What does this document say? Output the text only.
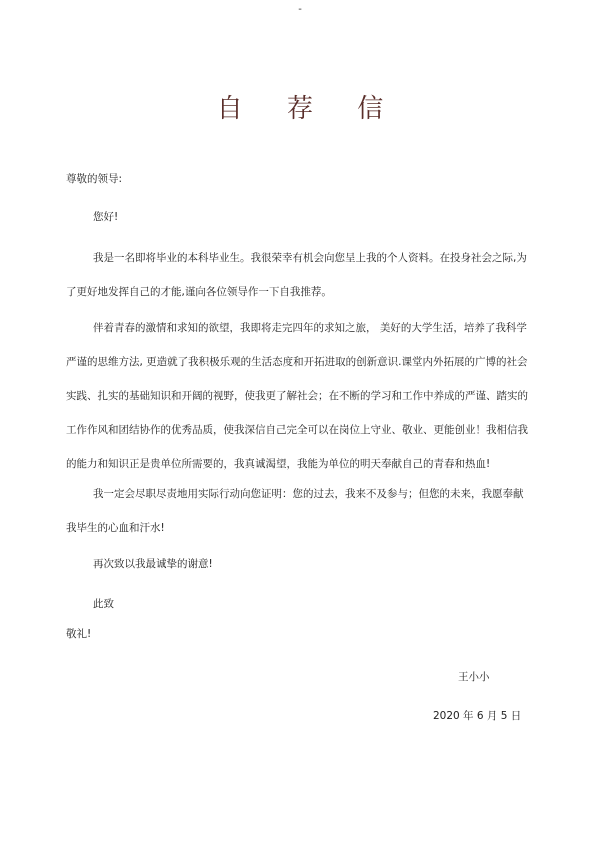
-
自 荐 信
尊敬的领导:
您好!
我是一名即将毕业的本科毕业生。我很荣幸有机会向您呈上我的个人资料。在投身社会之际,为
了更好地发挥自己的才能,谨向各位领导作一下自我推荐。
伴着青春的激情和求知的欲望，我即将走完四年的求知之旅， 美好的大学生活，培养了我科学
严谨的思维方法, 更造就了我积极乐观的生活态度和开拓进取的创新意识.课堂内外拓展的广博的社会
实践、扎实的基础知识和开阔的视野，使我更了解社会；在不断的学习和工作中养成的严谨、踏实的
工作作风和团结协作的优秀品质，使我深信自己完全可以在岗位上守业、敬业、更能创业！我相信我
的能力和知识正是贵单位所需要的，我真诚渴望，我能为单位的明天奉献自己的青春和热血!
我一定会尽职尽责地用实际行动向您证明：您的过去，我来不及参与；但您的未来，我愿奉献
我毕生的心血和汗水!
再次致以我最诚挚的谢意!
此致
敬礼!
王小小
2020 年 6 月 5 日
